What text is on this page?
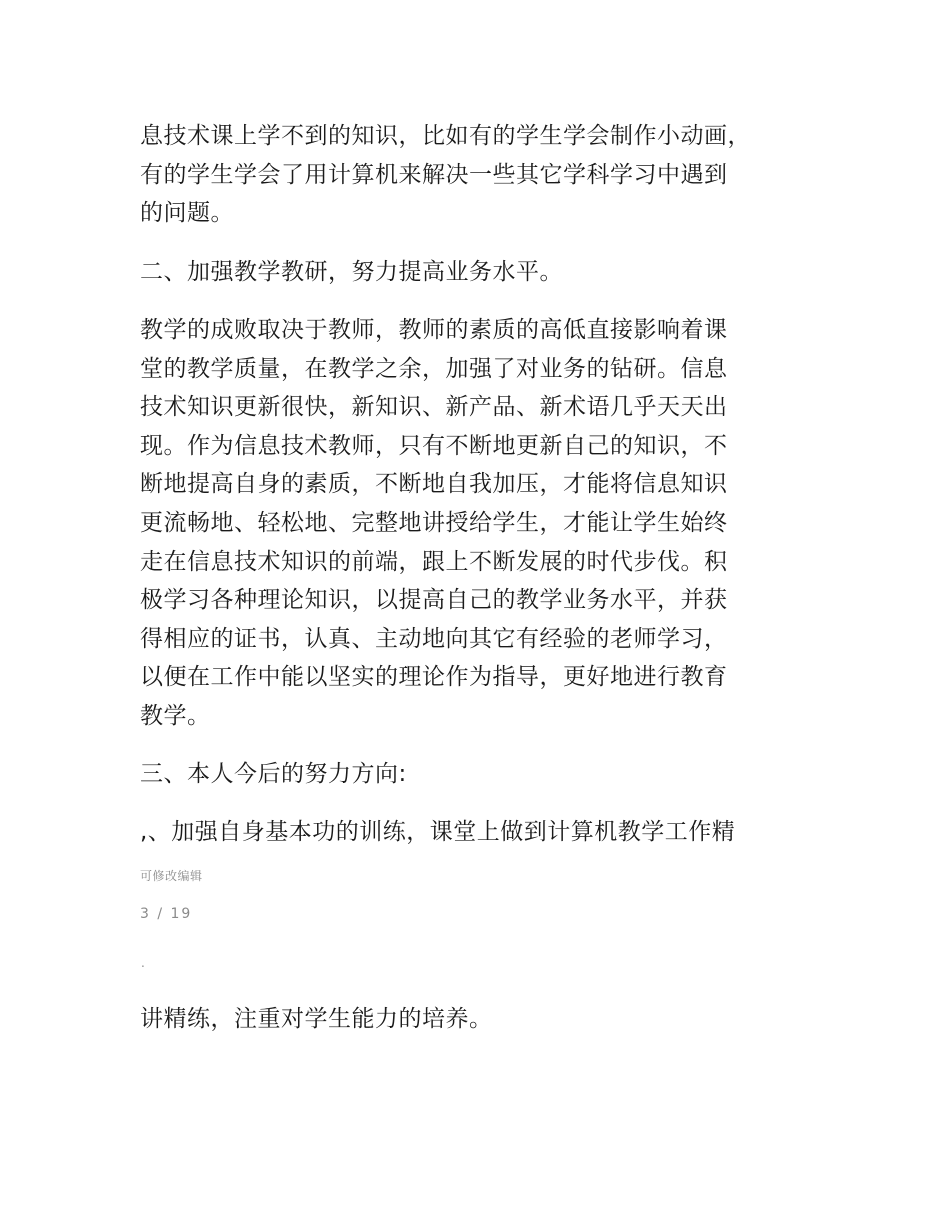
息技术课上学不到的知识，比如有的学生学会制作小动画，
有的学生学会了用计算机来解决一些其它学科学习中遇到
的问题。

二、加强教学教研，努力提高业务水平。

教学的成败取决于教师，教师的素质的高低直接影响着课
堂的教学质量，在教学之余，加强了对业务的钻研。信息
技术知识更新很快，新知识、新产品、新术语几乎天天出
现。作为信息技术教师，只有不断地更新自己的知识，不
断地提高自身的素质，不断地自我加压，才能将信息知识
更流畅地、轻松地、完整地讲授给学生，才能让学生始终
走在信息技术知识的前端，跟上不断发展的时代步伐。积
极学习各种理论知识，以提高自己的教学业务水平，并获
得相应的证书，认真、主动地向其它有经验的老师学习，
以便在工作中能以坚实的理论作为指导，更好地进行教育
教学。

三、本人今后的努力方向:

,、加强自身基本功的训练，课堂上做到计算机教学工作精

可修改编辑
3 / 19
.

讲精练，注重对学生能力的培养。
